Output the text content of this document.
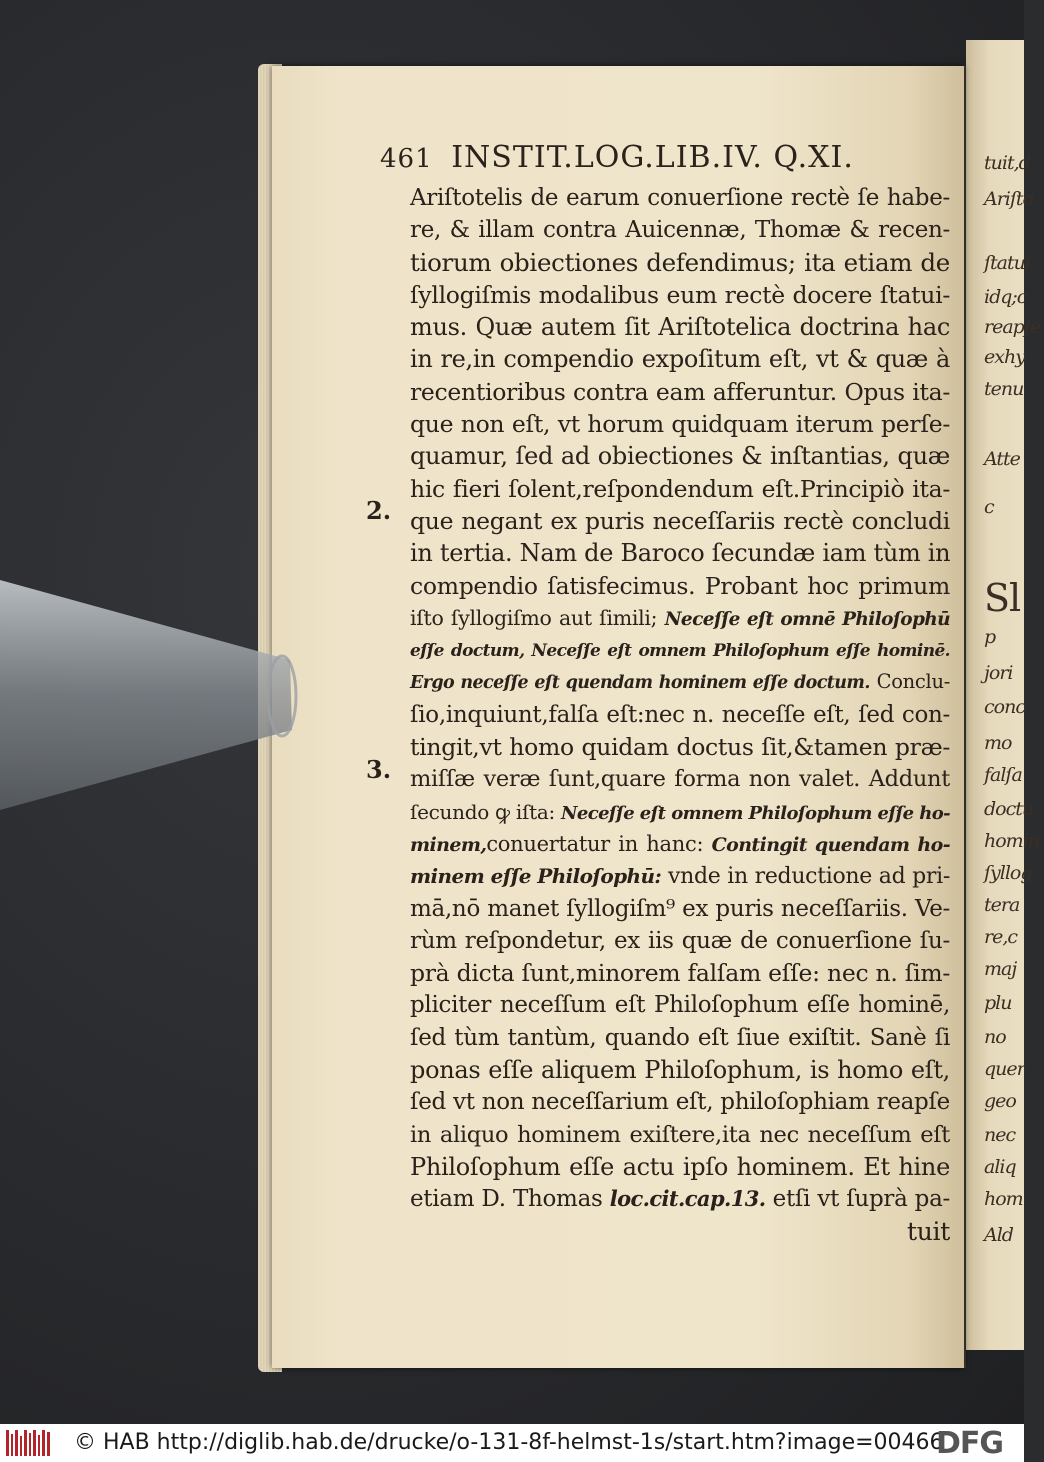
tuit,d
Ariſto
ſtatui
idq;c
reapſe
exhy
tenu
Atte
c
Sl
p
jori
conc
mo
falſa
doctu
homin
ſyllog
tera
re,c
maj
plu
no
quer
geo
nec
aliq
hom
Ald
461 INSTIT.LOG.LIB.IV. Q.XI.
2.
3.
Ariſtotelis de earum conuerſione rectè ſe habe-
re, & illam contra Auicennæ, Thomæ & recen-
tiorum obiectiones defendimus; ita etiam de
ſyllogiſmis modalibus eum rectè docere ſtatui-
mus. Quæ autem ſit Ariſtotelica doctrina hac
in re,in compendio expoſitum eſt, vt & quæ à
recentioribus contra eam afferuntur. Opus ita-
que non eſt, vt horum quidquam iterum perſe-
quamur, ſed ad obiectiones & inſtantias, quæ
hic fieri ſolent,reſpondendum eſt.Principiò ita-
que negant ex puris neceſſariis rectè concludi
in tertia. Nam de Baroco ſecundæ iam tùm in
compendio ſatisfecimus. Probant hoc primum
iſto ſyllogiſmo aut ſimili; Neceſſe eſt omnē Philoſophū
eſſe doctum, Neceſſe eſt omnem Philoſophum eſſe hominē.
Ergo neceſſe eſt quendam hominem eſſe doctum. Conclu-
ſio,inquiunt,falſa eſt:nec n. neceſſe eſt, ſed con-
tingit,vt homo quidam doctus ſit,&tamen præ-
miſſæ veræ ſunt,quare forma non valet. Addunt
ſecundo ꝙ iſta: Neceſſe eſt omnem Philoſophum eſſe ho-
minem,conuertatur in hanc: Contingit quendam ho-
minem eſſe Philoſophū: vnde in reductione ad pri-
mā,nō manet ſyllogiſm⁹ ex puris neceſſariis. Ve-
rùm reſpondetur, ex iis quæ de conuerſione ſu-
prà dicta ſunt,minorem falſam eſſe: nec n. ſim-
pliciter neceſſum eſt Philoſophum eſſe hominē,
ſed tùm tantùm, quando eſt ſiue exiſtit. Sanè ſi
ponas eſſe aliquem Philoſophum, is homo eſt,
ſed vt non neceſſarium eſt, philoſophiam reapſe
in aliquo hominem exiſtere,ita nec neceſſum eſt
Philoſophum eſſe actu ipſo hominem. Et hine
etiam D. Thomas loc.cit.cap.13. etſi vt ſuprà pa-
tuit
© HAB http://diglib.hab.de/drucke/o-131-8f-helmst-1s/start.htm?image=00466
DFG
